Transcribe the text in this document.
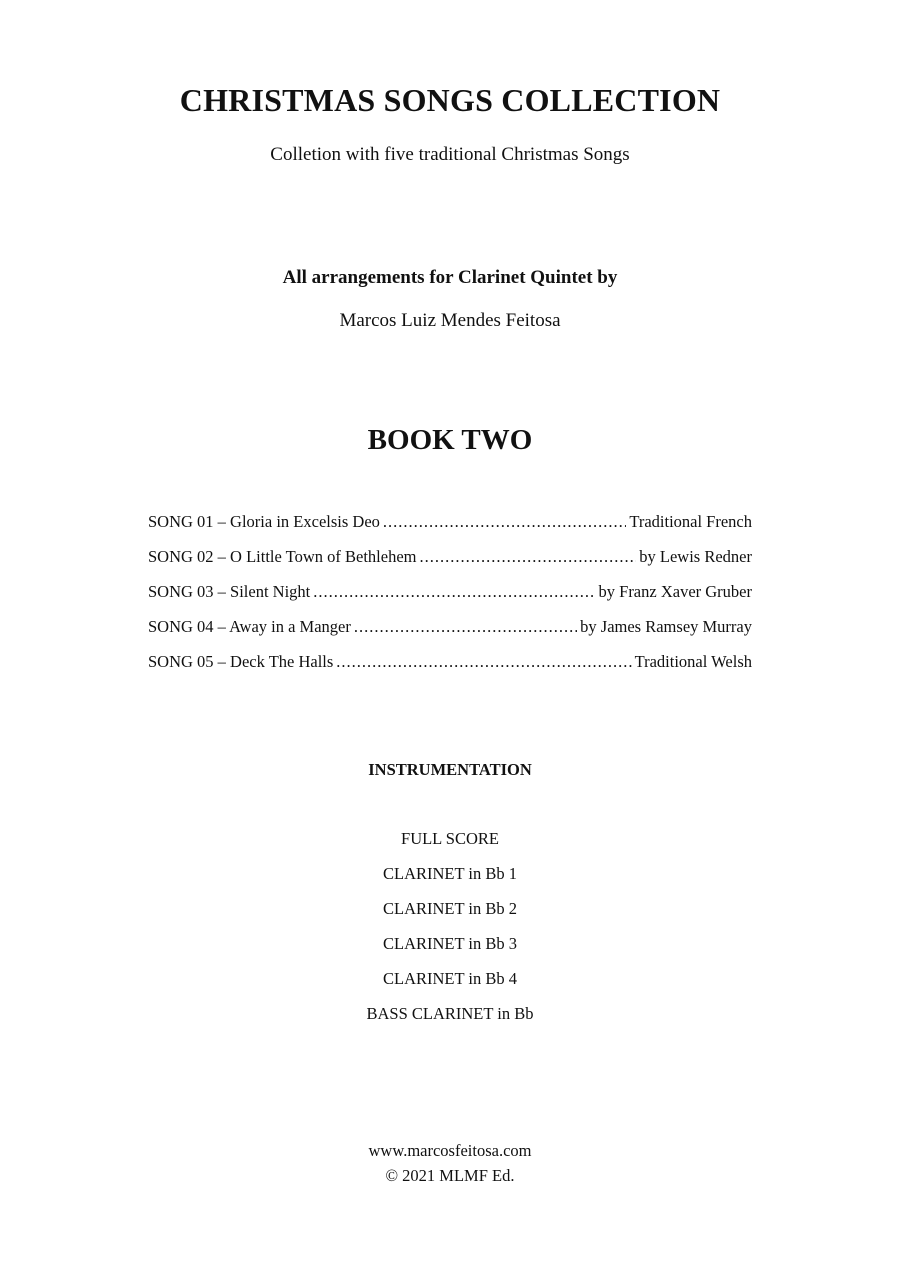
CHRISTMAS SONGS COLLECTION
Colletion with five traditional Christmas Songs
All arrangements for Clarinet Quintet by
Marcos Luiz Mendes Feitosa
BOOK TWO
SONG 01 – Gloria in Excelsis Deo .....	Traditional French
SONG 02 – O Little Town of Bethlehem .....	by Lewis Redner
SONG 03 – Silent Night .....	by Franz Xaver Gruber
SONG 04 – Away in a Manger .....	by James Ramsey Murray
SONG 05 – Deck The Halls .....	Traditional Welsh
INSTRUMENTATION
FULL SCORE
CLARINET in Bb 1
CLARINET in Bb 2
CLARINET in Bb 3
CLARINET in Bb 4
BASS CLARINET in Bb
www.marcosfeitosa.com
© 2021 MLMF Ed.
